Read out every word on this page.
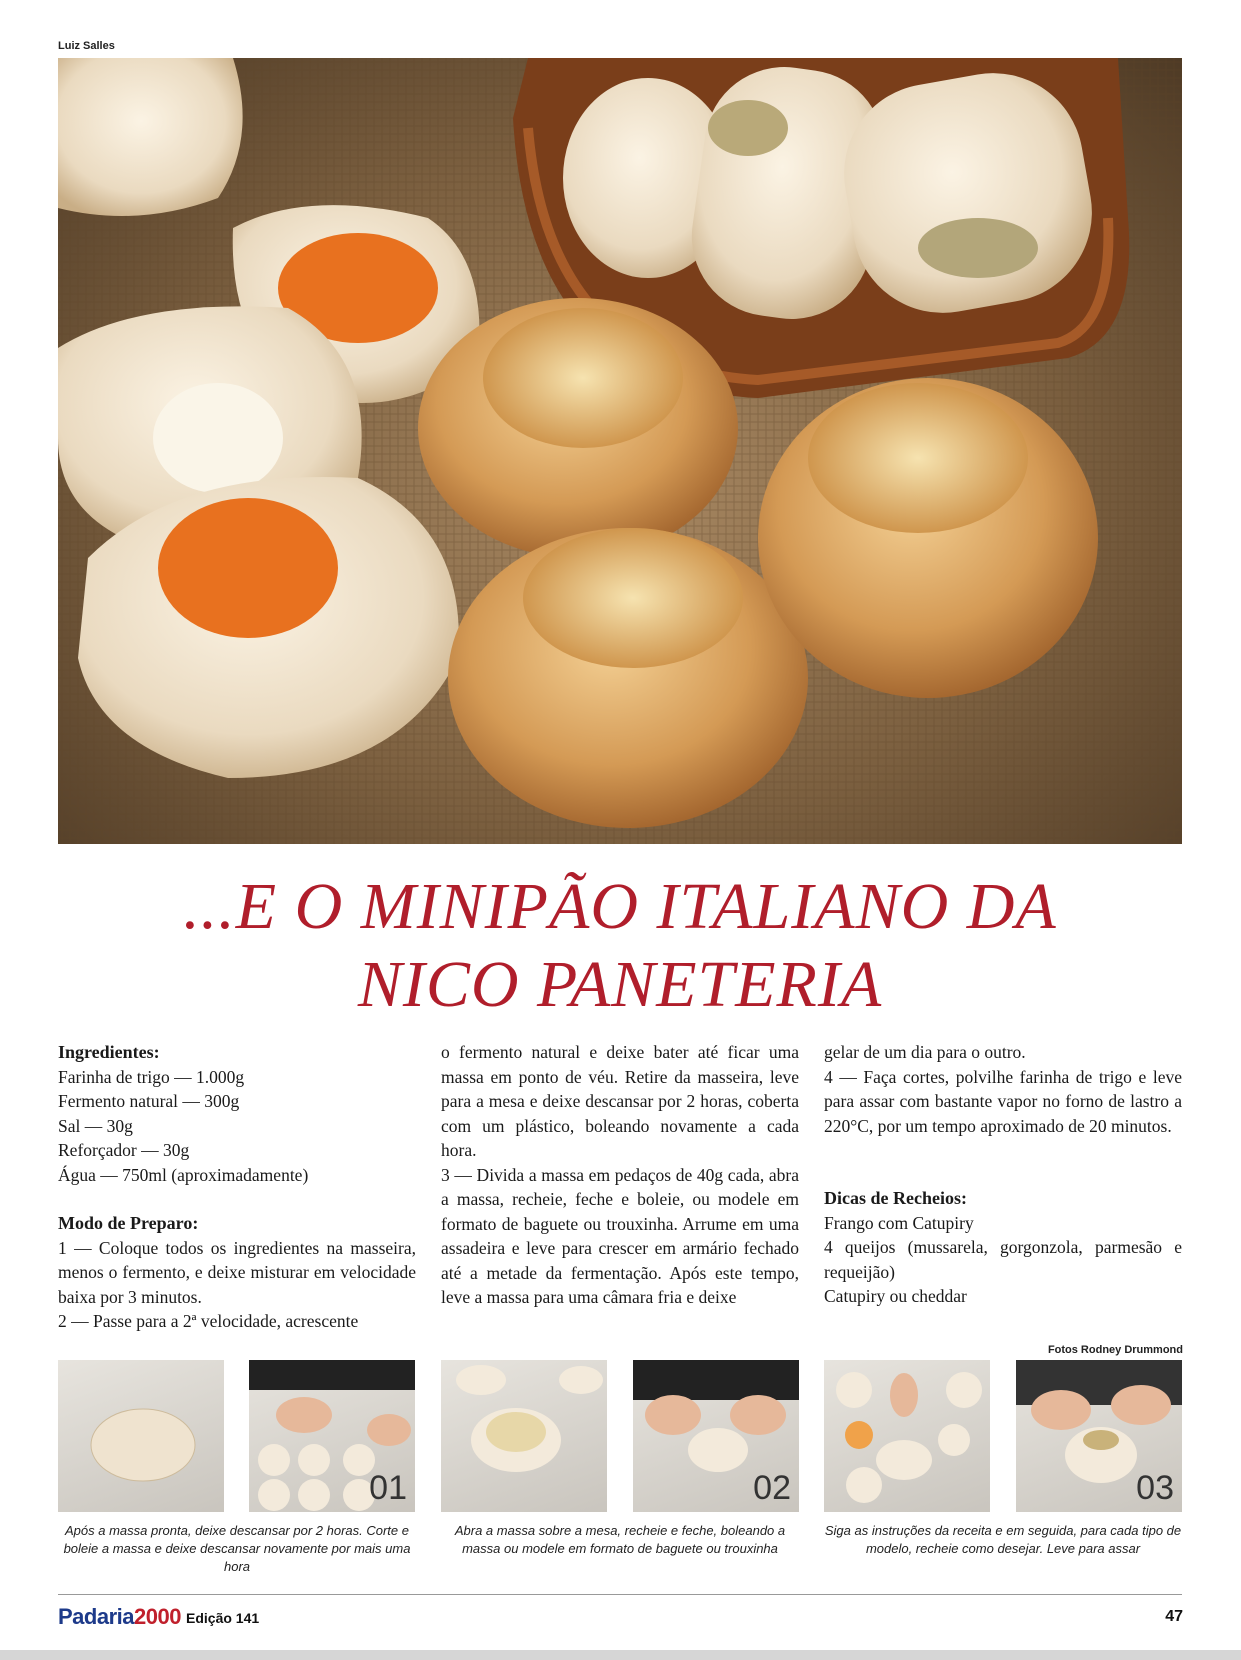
Luiz Salles
...E O MINIPÃO ITALIANO DA
NICO PANETERIA
Ingredientes:

Farinha de trigo — 1.000g

Fermento natural — 300g

Sal — 30g

Reforçador — 30g

Água — 750ml (aproximadamente)

Modo de Preparo:

1 — Coloque todos os ingredientes na masseira, menos o fermento, e deixe misturar em velocidade baixa por 3 minutos.

2 — Passe para a 2ª velocidade, acrescente

o fermento natural e deixe bater até ficar uma massa em ponto de véu. Retire da masseira, leve para a mesa e deixe descansar por 2 horas, coberta com um plástico, boleando novamente a cada hora.

3 — Divida a massa em pedaços de 40g cada, abra a massa, recheie, feche e boleie, ou modele em formato de baguete ou trouxinha. Arrume em uma assadeira e leve para crescer em armário fechado até a metade da fermentação. Após este tempo, leve a massa para uma câmara fria e deixe

gelar de um dia para o outro.

4 — Faça cortes, polvilhe farinha de trigo e leve para assar com bastante vapor no forno de lastro a 220°C, por um tempo aproximado de 20 minutos.

Dicas de Recheios:

Frango com Catupiry

4 queijos (mussarela, gorgonzola, parmesão e requeijão)

Catupiry ou cheddar

Fotos Rodney Drummond
01	02	03
Após a massa pronta, deixe descansar por 2 horas. Corte e boleie a massa e deixe descansar novamente por mais uma hora
Abra a massa sobre a mesa, recheie e feche, boleando a massa ou modele em formato de baguete ou trouxinha
Siga as instruções da receita e em seguida, para cada tipo de modelo, recheie como desejar. Leve para assar
Padaria2000 Edição 141	47
